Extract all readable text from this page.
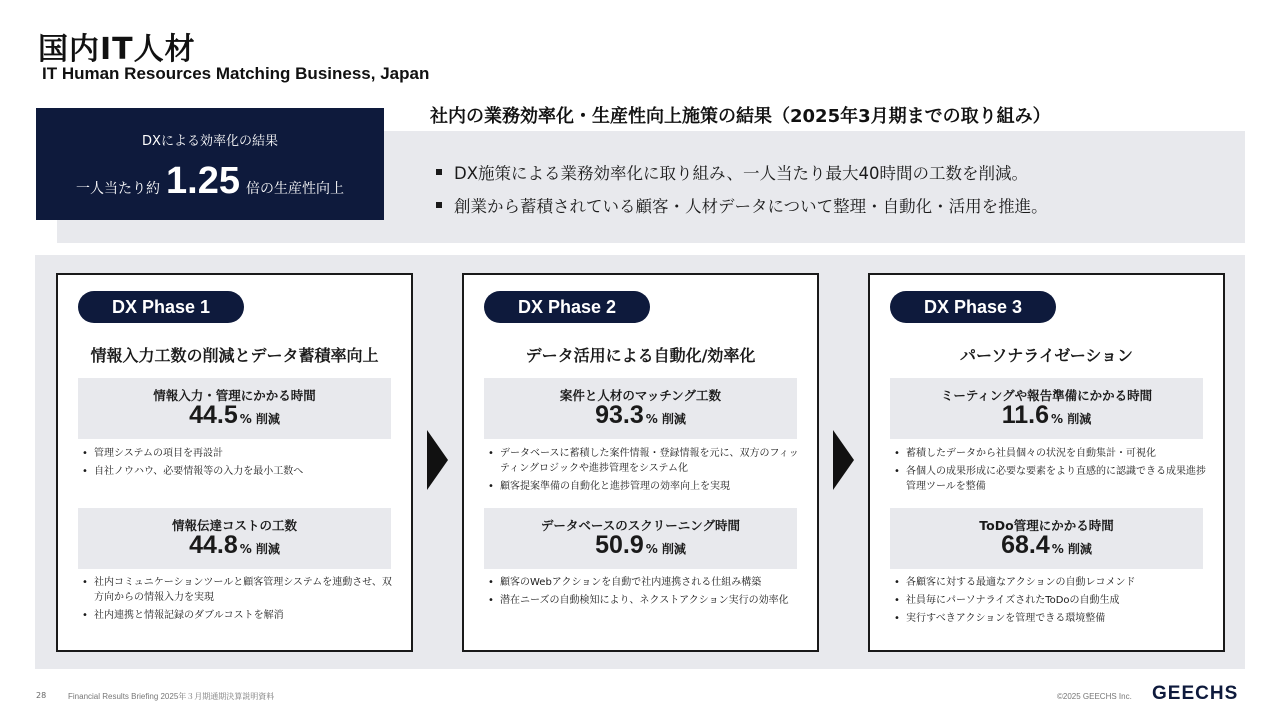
国内IT人材
IT Human Resources Matching Business, Japan
社内の業務効率化・生産性向上施策の結果（2025年3月期までの取り組み）
DXによる効率化の結果
一人当たり約 1.25 倍の生産性向上
DX施策による業務効率化に取り組み、一人当たり最大40時間の工数を削減。
創業から蓄積されている顧客・人材データについて整理・自動化・活用を推進。
DX Phase 1
情報入力工数の削減とデータ蓄積率向上
情報入力・管理にかかる時間
44.5 % 削減
• 管理システムの項目を再設計
• 自社ノウハウ、必要情報等の入力を最小工数へ
情報伝達コストの工数
44.8 % 削減
• 社内コミュニケーションツールと顧客管理システムを連動させ、双方向からの情報入力を実現
• 社内連携と情報記録のダブルコストを解消
DX Phase 2
データ活用による自動化/効率化
案件と人材のマッチング工数
93.3 % 削減
• データベースに蓄積した案件情報・登録情報を元に、双方のフィッティングロジックや進捗管理をシステム化
• 顧客提案準備の自動化と進捗管理の効率向上を実現
データベースのスクリーニング時間
50.9 % 削減
• 顧客のWebアクションを自動で社内連携される仕組み構築
• 潜在ニーズの自動検知により、ネクストアクション実行の効率化
DX Phase 3
パーソナライゼーション
ミーティングや報告準備にかかる時間
11.6 % 削減
• 蓄積したデータから社員個々の状況を自動集計・可視化
• 各個人の成果形成に必要な要素をより直感的に認識できる成果進捗管理ツールを整備
ToDo管理にかかる時間
68.4 % 削減
• 各顧客に対する最適なアクションの自動レコメンド
• 社員毎にパーソナライズされたToDoの自動生成
• 実行すべきアクションを管理できる環境整備
28	Financial Results Briefing 2025年３月期通期決算説明資料	©2025 GEECHS Inc. GEECHS
